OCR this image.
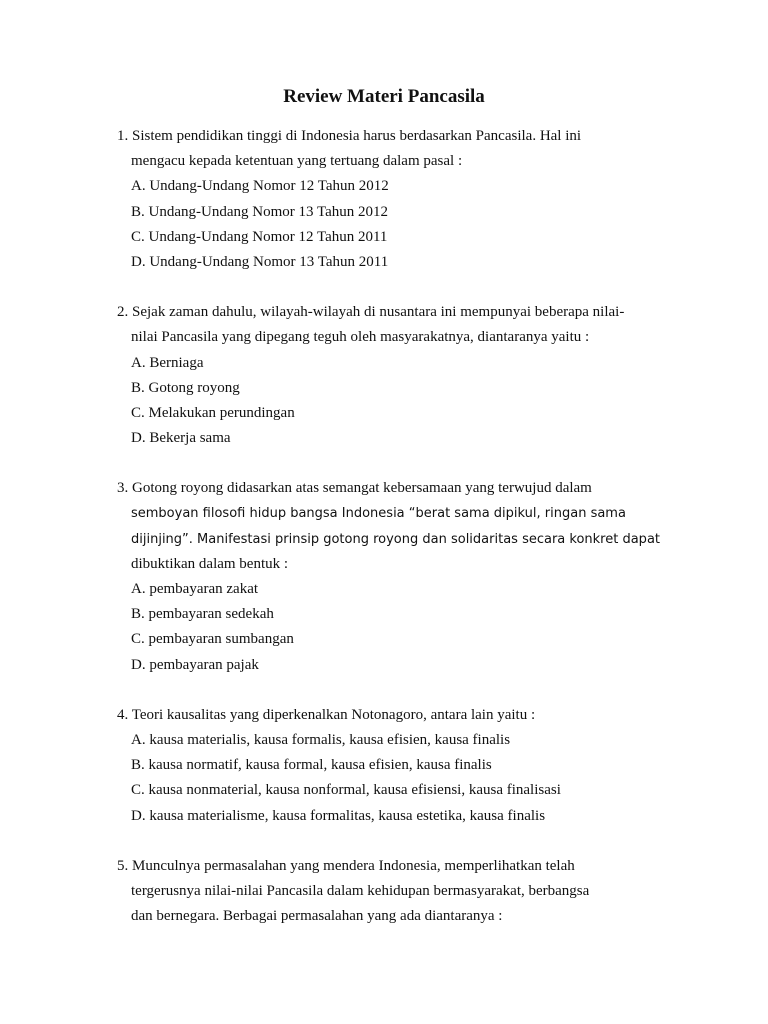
Review Materi Pancasila
1. Sistem pendidikan tinggi di Indonesia harus berdasarkan Pancasila. Hal ini
mengacu kepada ketentuan yang tertuang dalam pasal :
A. Undang-Undang Nomor 12 Tahun 2012
B. Undang-Undang Nomor 13 Tahun 2012
C. Undang-Undang Nomor 12 Tahun 2011
D. Undang-Undang Nomor 13 Tahun 2011
2. Sejak zaman dahulu, wilayah-wilayah di nusantara ini mempunyai beberapa nilai-
nilai Pancasila yang dipegang teguh oleh masyarakatnya, diantaranya yaitu :
A. Berniaga
B. Gotong royong
C. Melakukan perundingan
D. Bekerja sama
3. Gotong royong didasarkan atas semangat kebersamaan yang terwujud dalam
semboyan filosofi hidup bangsa Indonesia “berat sama dipikul, ringan sama
dijinjing”. Manifestasi prinsip gotong royong dan solidaritas secara konkret dapat
dibuktikan dalam bentuk :
A. pembayaran zakat
B. pembayaran sedekah
C. pembayaran sumbangan
D. pembayaran pajak
4. Teori kausalitas yang diperkenalkan Notonagoro, antara lain yaitu :
A. kausa materialis, kausa formalis, kausa efisien, kausa finalis
B. kausa normatif, kausa formal, kausa efisien, kausa finalis
C. kausa nonmaterial, kausa nonformal, kausa efisiensi, kausa finalisasi
D. kausa materialisme, kausa formalitas, kausa estetika, kausa finalis
5. Munculnya permasalahan yang mendera Indonesia, memperlihatkan telah
tergerusnya nilai-nilai Pancasila dalam kehidupan bermasyarakat, berbangsa
dan bernegara. Berbagai permasalahan yang ada diantaranya :
